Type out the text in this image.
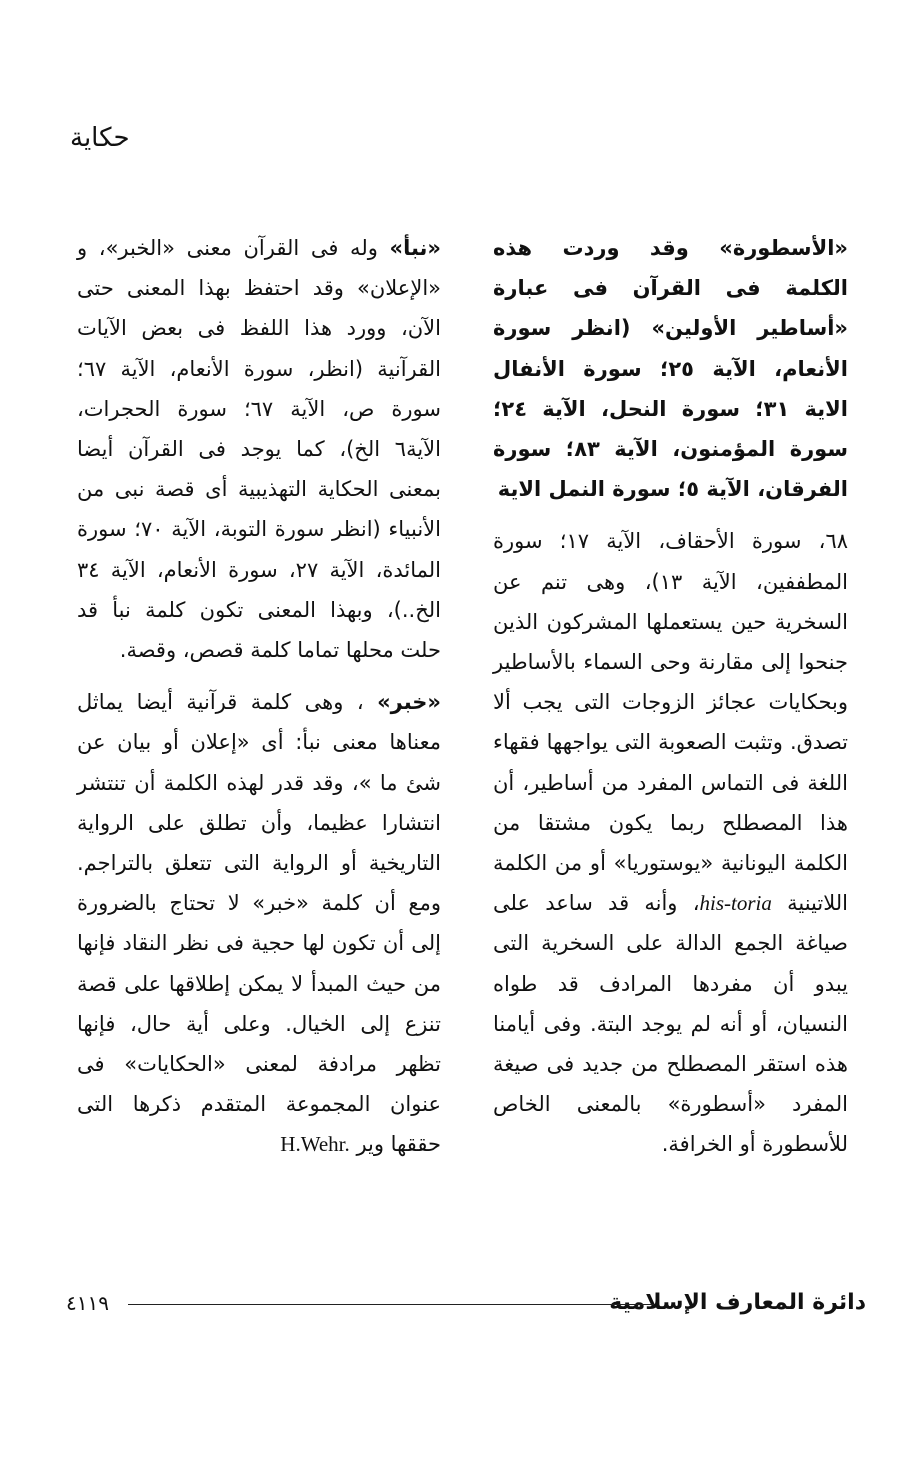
حكاية

«الأسطورة» وقد وردت هذه الكلمة فى القرآن فى عبارة «أساطير الأولين» (انظر سورة الأنعام، الآية ٢٥؛ سورة الأنفال الاية ٣١؛ سورة النحل، الآية ٢٤؛ سورة المؤمنون، الآية ٨٣؛ سورة الفرقان، الآية ٥؛ سورة النمل الاية

٦٨، سورة الأحقاف، الآية ١٧؛ سورة المطففين، الآية ١٣)، وهى تنم عن السخرية حين يستعملها المشركون الذين جنحوا إلى مقارنة وحى السماء بالأساطير وبحكايات عجائز الزوجات التى يجب ألا تصدق. وتثبت الصعوبة التى يواجهها فقهاء اللغة فى التماس المفرد من أساطير، أن هذا المصطلح ربما يكون مشتقا من الكلمة اليونانية «يوستوريا» أو من الكلمة اللاتينية his-toria، وأنه قد ساعد على صياغة الجمع الدالة على السخرية التى يبدو أن مفردها المرادف قد طواه النسيان، أو أنه لم يوجد البتة. وفى أيامنا هذه استقر المصطلح من جديد فى صيغة المفرد «أسطورة» بالمعنى الخاص للأسطورة أو الخرافة.

«نبأ» وله فى القرآن معنى «الخبر»، و «الإعلان» وقد احتفظ بهذا المعنى حتى الآن، وورد هذا اللفظ فى بعض الآيات القرآنية (انظر، سورة الأنعام، الآية ٦٧؛ سورة ص، الآية ٦٧؛ سورة الحجرات، الآية٦ الخ)، كما يوجد فى القرآن أيضا بمعنى الحكاية التهذيبية أى قصة نبى من الأنبياء (انظر سورة التوبة، الآية ٧٠؛ سورة المائدة، الآية ٢٧، سورة الأنعام، الآية ٣٤ الخ..)، وبهذا المعنى تكون كلمة نبأ قد حلت محلها تماما كلمة قصص، وقصة.

«خبر» ، وهى كلمة قرآنية أيضا يماثل معناها معنى نبأ: أى «إعلان أو بيان عن شئ ما »، وقد قدر لهذه الكلمة أن تنتشر انتشارا عظيما، وأن تطلق على الرواية التاريخية أو الرواية التى تتعلق بالتراجم. ومع أن كلمة «خبر» لا تحتاج بالضرورة إلى أن تكون لها حجية فى نظر النقاد فإنها من حيث المبدأ لا يمكن إطلاقها على قصة تنزع إلى الخيال. وعلى أية حال، فإنها تظهر مرادفة لمعنى «الحكايات» فى عنوان المجموعة المتقدم ذكرها التى حققها وير H.Wehr.

دائرة المعارف الإسلامية
٤١١٩
